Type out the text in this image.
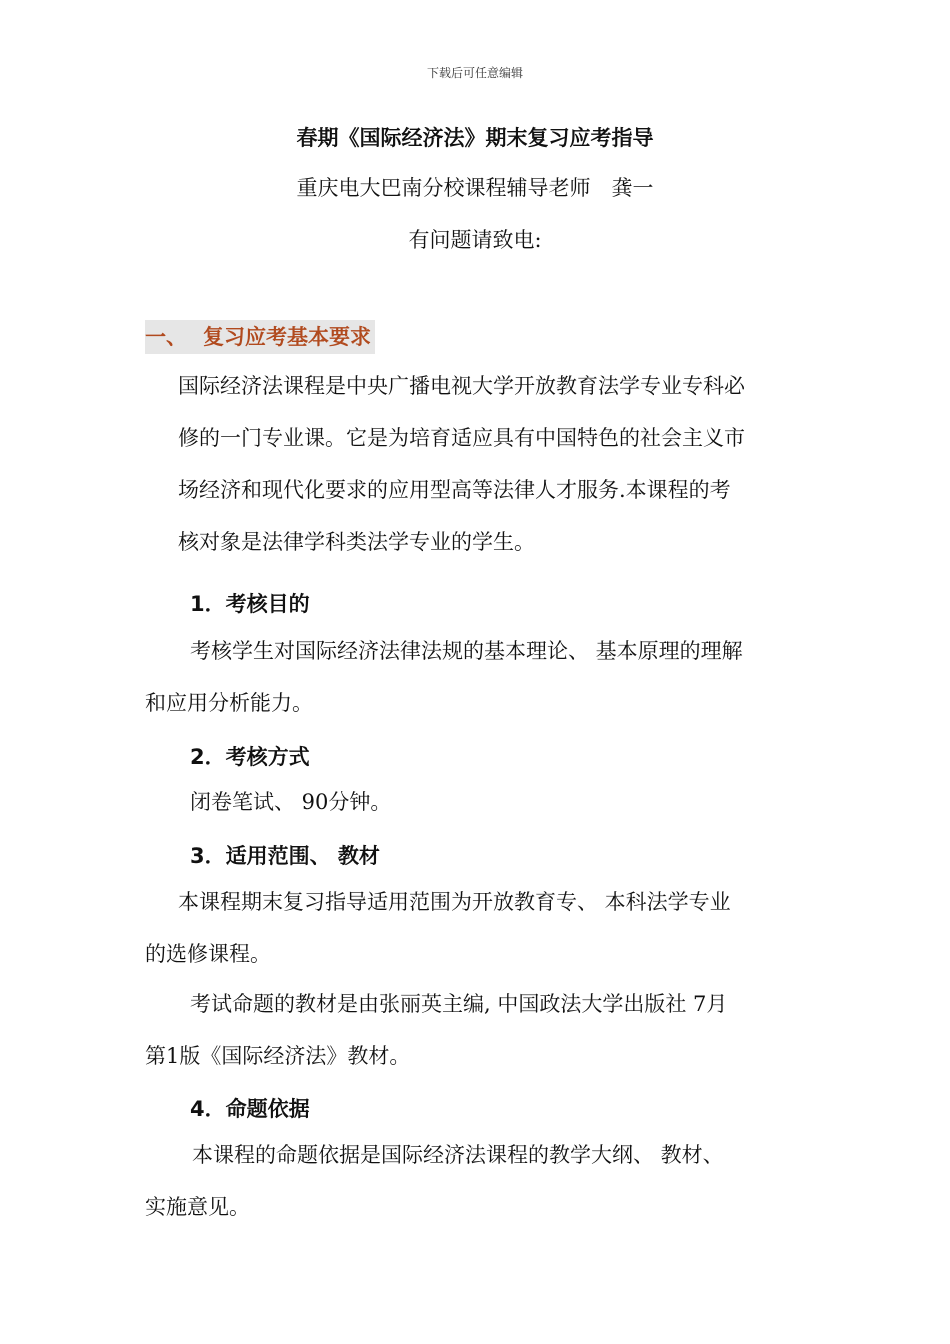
下载后可任意编辑
春期《国际经济法》期末复习应考指导
重庆电大巴南分校课程辅导老师　龚一
有问题请致电:
一、 复习应考基本要求
国际经济法课程是中央广播电视大学开放教育法学专业专科必
修的一门专业课。它是为培育适应具有中国特色的社会主义市
场经济和现代化要求的应用型高等法律人才服务.本课程的考
核对象是法律学科类法学专业的学生。
1．考核目的
考核学生对国际经济法律法规的基本理论、 基本原理的理解
和应用分析能力。
2．考核方式
闭卷笔试、 90分钟。
3．适用范围、 教材
本课程期末复习指导适用范围为开放教育专、 本科法学专业
的选修课程。
考试命题的教材是由张丽英主编, 中国政法大学出版社 7月
第1版《国际经济法》教材。
4．命题依据
本课程的命题依据是国际经济法课程的教学大纲、 教材、
实施意见。
